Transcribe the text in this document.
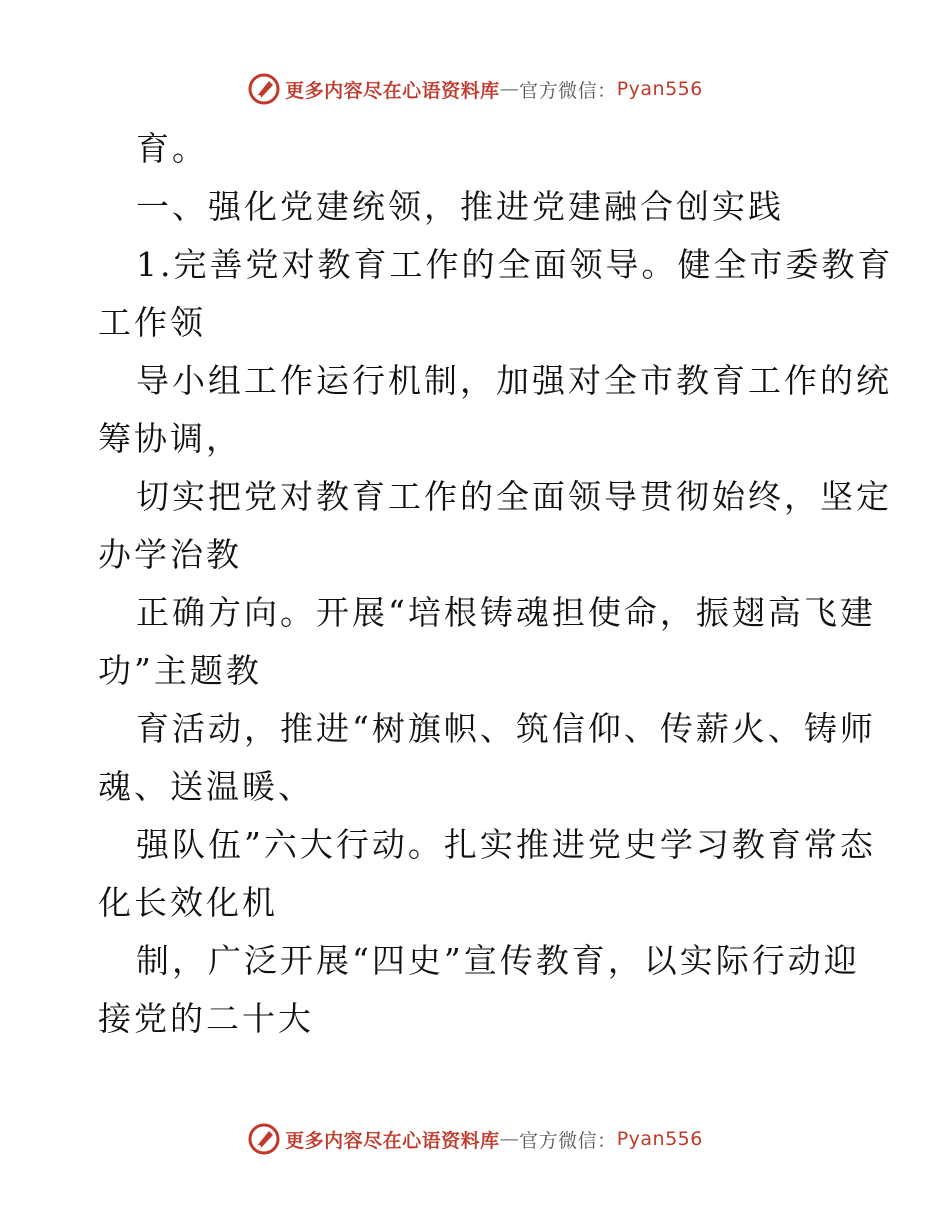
更多内容尽在心语资料库 — 官方微信： Pyan556
育。
一、强化党建统领，推进党建融合创实践
1.完善党对教育工作的全面领导。健全市委教育
工作领
导小组工作运行机制，加强对全市教育工作的统
筹协调，
切实把党对教育工作的全面领导贯彻始终，坚定
办学治教
正确方向。开展“培根铸魂担使命，振翅高飞建
功”主题教
育活动，推进“树旗帜、筑信仰、传薪火、铸师
魂、送温暖、
强队伍”六大行动。扎实推进党史学习教育常态
化长效化机
制，广泛开展“四史”宣传教育，以实际行动迎
接党的二十大
更多内容尽在心语资料库 — 官方微信： Pyan556
